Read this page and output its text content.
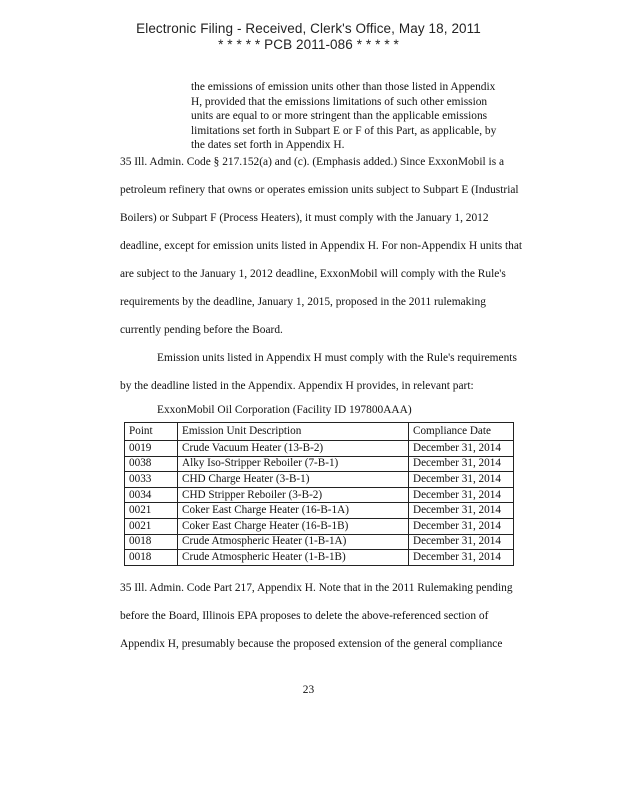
Electronic Filing - Received, Clerk's Office, May 18, 2011
* * * * * PCB 2011-086 * * * * *
the emissions of emission units other than those listed in Appendix
H, provided that the emissions limitations of such other emission
units are equal to or more stringent than the applicable emissions
limitations set forth in Subpart E or F of this Part, as applicable, by
the dates set forth in Appendix H.
35 Ill. Admin. Code § 217.152(a) and (c). (Emphasis added.) Since ExxonMobil is a
petroleum refinery that owns or operates emission units subject to Subpart E (Industrial
Boilers) or Subpart F (Process Heaters), it must comply with the January 1, 2012
deadline, except for emission units listed in Appendix H. For non-Appendix H units that
are subject to the January 1, 2012 deadline, ExxonMobil will comply with the Rule's
requirements by the deadline, January 1, 2015, proposed in the 2011 rulemaking
currently pending before the Board.
Emission units listed in Appendix H must comply with the Rule's requirements
by the deadline listed in the Appendix. Appendix H provides, in relevant part:
ExxonMobil Oil Corporation (Facility ID 197800AAA)
Point	Emission Unit Description	Compliance Date
0019	Crude Vacuum Heater (13-B-2)	December 31, 2014
0038	Alky Iso-Stripper Reboiler (7-B-1)	December 31, 2014
0033	CHD Charge Heater (3-B-1)	December 31, 2014
0034	CHD Stripper Reboiler (3-B-2)	December 31, 2014
0021	Coker East Charge Heater (16-B-1A)	December 31, 2014
0021	Coker East Charge Heater (16-B-1B)	December 31, 2014
0018	Crude Atmospheric Heater (1-B-1A)	December 31, 2014
0018	Crude Atmospheric Heater (1-B-1B)	December 31, 2014
35 Ill. Admin. Code Part 217, Appendix H. Note that in the 2011 Rulemaking pending
before the Board, Illinois EPA proposes to delete the above-referenced section of
Appendix H, presumably because the proposed extension of the general compliance
23
